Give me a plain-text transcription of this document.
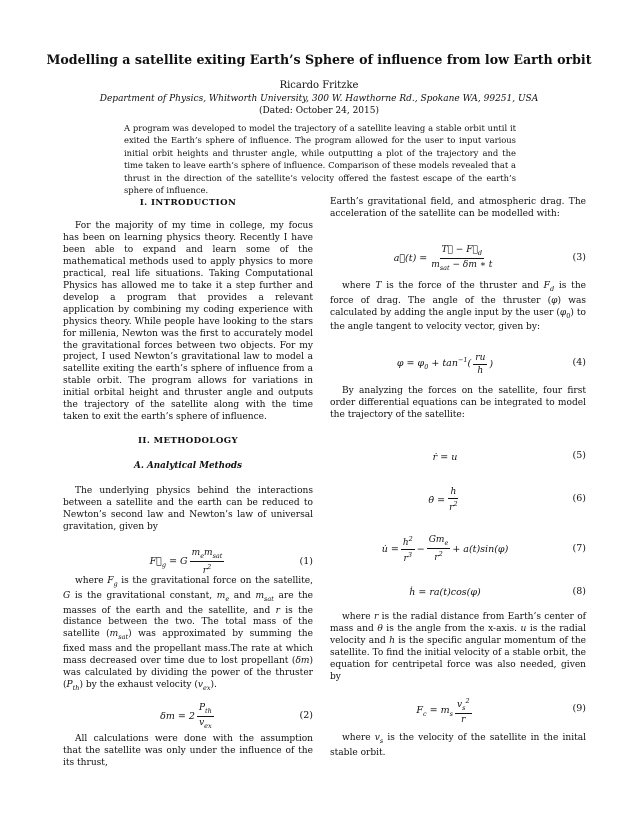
Modelling a satellite exiting Earth’s Sphere of influence from low Earth orbit
Ricardo Fritzke
Department of Physics, Whitworth University, 300 W. Hawthorne Rd., Spokane WA, 99251, USA
(Dated: October 24, 2015)
A program was developed to model the trajectory of a satellite leaving a stable orbit until it exited the Earth’s sphere of influence. The program allowed for the user to input various initial orbit heights and thruster angle, while outputting a plot of the trajectory and the time taken to leave earth’s sphere of influence. Comparison of these models revealed that a thrust in the direction of the satellite’s velocity offered the fastest escape of the earth’s sphere of influence.
I. INTRODUCTION

For the majority of my time in college, my focus has been on learning physics theory. Recently I have been able to expand and learn some of the mathematical methods used to apply physics to more practical, real life situations. Taking Computational Physics has allowed me to take it a step further and develop a program that provides a relevant application by combining my coding experience with physics theory. While people have looking to the stars for millenia, Newton was the first to accurately model the gravitational forces between two objects. For my project, I used Newton’s gravitational law to model a satellite exiting the earth’s sphere of influence from a stable orbit. The program allows for variations in initial orbital height and thruster angle and outputs the trajectory of the satellite along with the time taken to exit the earth’s sphere of influence.

II. METHODOLOGY
A. Analytical Methods

The underlying physics behind the interactions between a satellite and the earth can be reduced to Newton’s second law and Newton’s law of universal gravitation, given by

$F⃗_g = G \frac{m_em_{sat}}{r^2}$	(1)

where $F_g$ is the gravitational force on the satellite, G is the gravitational constant, $m_e$ and $m_{sat}$ are the masses of the earth and the satellite, and r is the distance between the two. The total mass of the satellite $(m_{sat})$ was approximated by summing the fixed mass and the propellant mass.The rate at which mass decreased over time due to lost propellant (δm) was calculated by dividing the power of the thruster $(P_{th})$ by the exhaust velocity $(v_{ex})$.

$\delta m = 2 \frac{P_{th}}{v_{ex}}$	(2)

All calculations were done with the assumption that the satellite was only under the influence of the its thrust,

Earth’s gravitational field, and atmospheric drag. The acceleration of the satellite can be modelled with:

a⃗(t) = $\frac{T⃗ - F⃗_d}{m_{sat} - \delta m ∗ t}$	(3)

where T is the force of the thruster and $F_d$ is the force of drag. The angle of the thruster (φ) was calculated by adding the angle input by the user $(\varphi_0)$ to the angle tangent to velocity vector, given by:

$\varphi = \varphi_0 + \tan^{-1}( \frac{ru}{h}$ )	(4)

By analyzing the forces on the satellite, four first order differential equations can be integrated to model the trajectory of the satellite:

ṙ = u	(5)
θ̇ = $\frac{h}{r^2}$	(6)
u̇ = $\frac{h^2}{r^3} - \frac{Gm_e}{r^2} + a(t)\sin(\varphi)$	(7)
ḣ = ra(t)cos(φ)	(8)

where r is the radial distance from Earth’s center of mass and θ is the angle from the x-axis. u is the radial velocity and h is the specific angular momentum of the satellite. To find the initial velocity of a stable orbit, the equation for centripetal force was also needed, given by

$F_c = m_s \frac{v_s^2}{r}$	(9)

where $v_s$ is the velocity of the satellite in the inital stable orbit.
